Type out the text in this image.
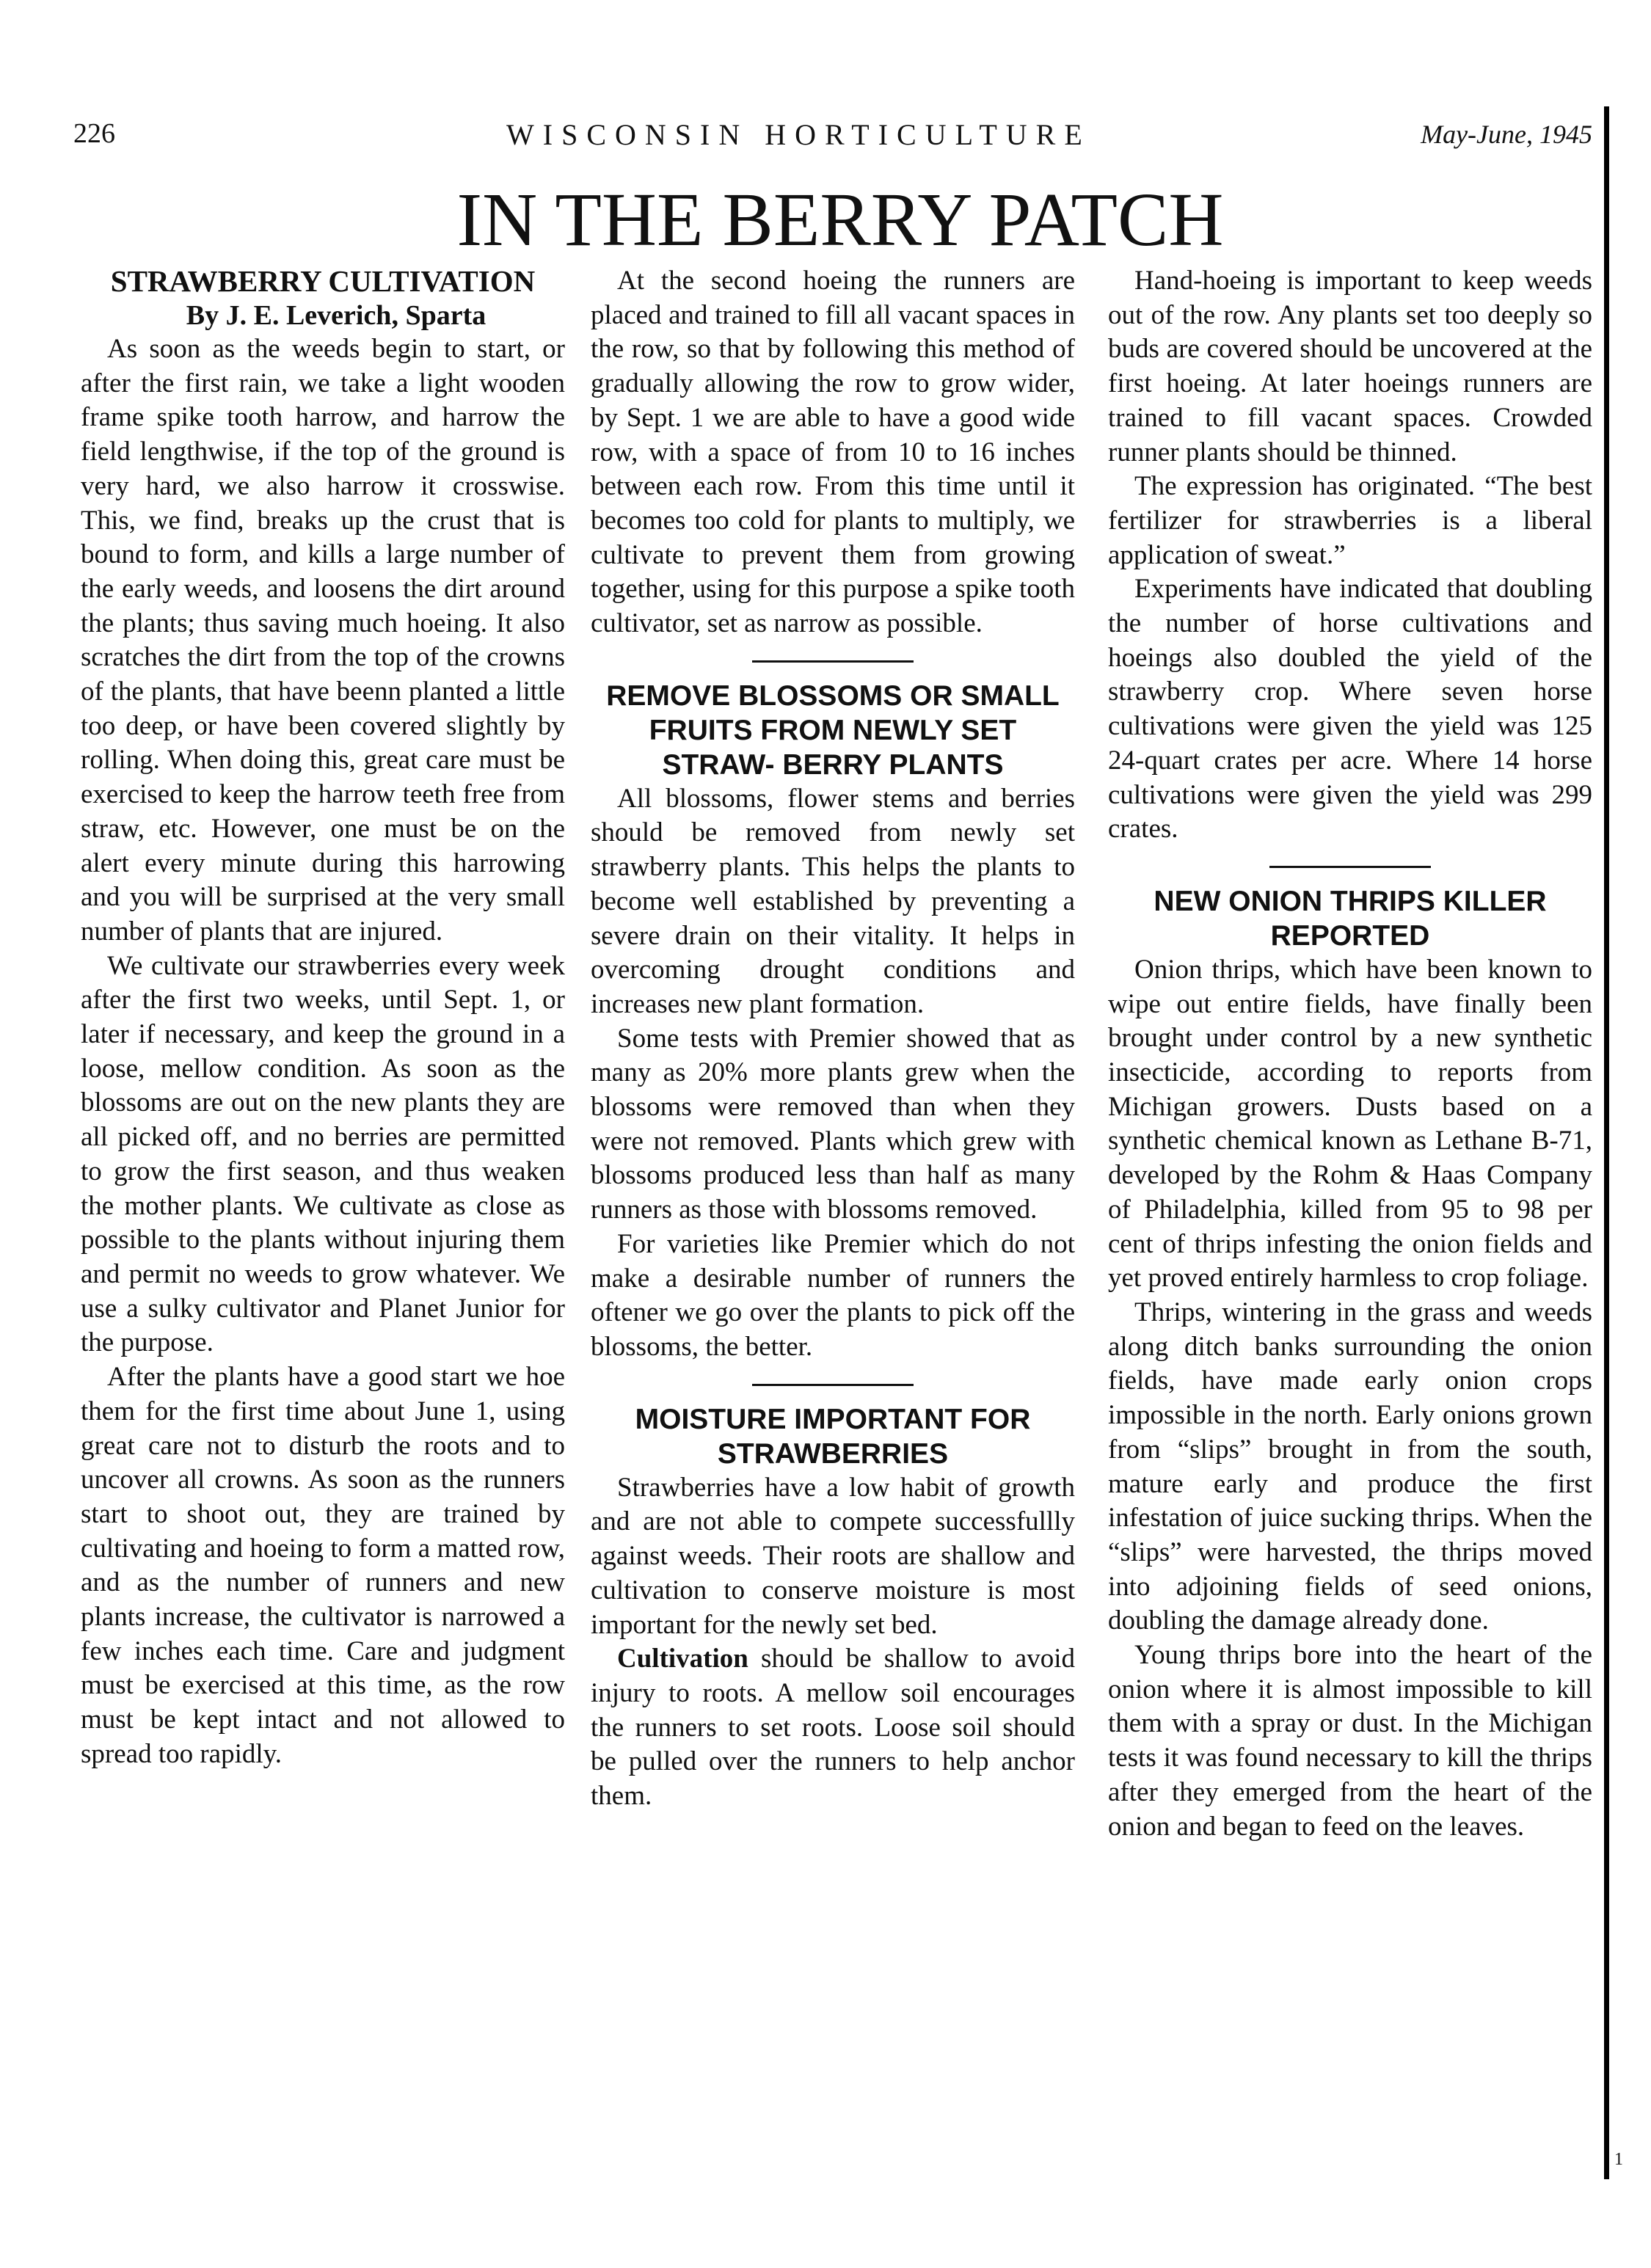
226	WISCONSIN HORTICULTURE	May-June, 1945
1
IN THE BERRY PATCH
STRAWBERRY CULTIVATION

By J. E. Leverich, Sparta

As soon as the weeds begin to start, or after the first rain, we take a light wooden frame spike tooth harrow, and harrow the field lengthwise, if the top of the ground is very hard, we also harrow it crosswise. This, we find, breaks up the crust that is bound to form, and kills a large number of the early weeds, and loosens the dirt around the plants; thus saving much hoeing. It also scratches the dirt from the top of the crowns of the plants, that have beenn planted a little too deep, or have been covered slightly by rolling. When doing this, great care must be exercised to keep the harrow teeth free from straw, etc. However, one must be on the alert every minute during this harrowing and you will be surprised at the very small number of plants that are injured.

We cultivate our strawberries every week after the first two weeks, until Sept. 1, or later if necessary, and keep the ground in a loose, mellow condition. As soon as the blossoms are out on the new plants they are all picked off, and no berries are permitted to grow the first season, and thus weaken the mother plants. We cultivate as close as possible to the plants without injuring them and permit no weeds to grow whatever. We use a sulky cultivator and Planet Junior for the purpose.

After the plants have a good start we hoe them for the first time about June 1, using great care not to disturb the roots and to uncover all crowns. As soon as the runners start to shoot out, they are trained by cultivating and hoeing to form a matted row, and as the number of runners and new plants increase, the cultivator is narrowed a few inches each time. Care and judgment must be exercised at this time, as the row must be kept intact and not allowed to spread too rapidly.

At the second hoeing the runners are placed and trained to fill all vacant spaces in the row, so that by following this method of gradually allowing the row to grow wider, by Sept. 1 we are able to have a good wide row, with a space of from 10 to 16 inches between each row. From this time until it becomes too cold for plants to multiply, we cultivate to prevent them from growing together, using for this purpose a spike tooth cultivator, set as narrow as possible.

REMOVE BLOSSOMS OR SMALL FRUITS FROM NEWLY SET STRAW- BERRY PLANTS

All blossoms, flower stems and berries should be removed from newly set strawberry plants. This helps the plants to become well established by preventing a severe drain on their vitality. It helps in overcoming drought conditions and increases new plant formation.

Some tests with Premier showed that as many as 20% more plants grew when the blossoms were removed than when they were not removed. Plants which grew with blossoms produced less than half as many runners as those with blossoms removed.

For varieties like Premier which do not make a desirable number of runners the oftener we go over the plants to pick off the blossoms, the better.

MOISTURE IMPORTANT FOR STRAWBERRIES

Strawberries have a low habit of growth and are not able to compete successfullly against weeds. Their roots are shallow and cultivation to conserve moisture is most important for the newly set bed.

Cultivation should be shallow to avoid injury to roots. A mellow soil encourages the runners to set roots. Loose soil should be pulled over the runners to help anchor them.

Hand-hoeing is important to keep weeds out of the row. Any plants set too deeply so buds are covered should be uncovered at the first hoeing. At later hoeings runners are trained to fill vacant spaces. Crowded runner plants should be thinned.

The expression has originated. “The best fertilizer for strawberries is a liberal application of sweat.”

Experiments have indicated that doubling the number of horse cultivations and hoeings also doubled the yield of the strawberry crop. Where seven horse cultivations were given the yield was 125 24-quart crates per acre. Where 14 horse cultivations were given the yield was 299 crates.

NEW ONION THRIPS KILLER REPORTED

Onion thrips, which have been known to wipe out entire fields, have finally been brought under control by a new synthetic insecticide, according to reports from Michigan growers. Dusts based on a synthetic chemical known as Lethane B-71, developed by the Rohm & Haas Company of Philadelphia, killed from 95 to 98 per cent of thrips infesting the onion fields and yet proved entirely harmless to crop foliage.

Thrips, wintering in the grass and weeds along ditch banks surrounding the onion fields, have made early onion crops impossible in the north. Early onions grown from “slips” brought in from the south, mature early and produce the first infestation of juice sucking thrips. When the “slips” were harvested, the thrips moved into adjoining fields of seed onions, doubling the damage already done.

Young thrips bore into the heart of the onion where it is almost impossible to kill them with a spray or dust. In the Michigan tests it was found necessary to kill the thrips after they emerged from the heart of the onion and began to feed on the leaves.
